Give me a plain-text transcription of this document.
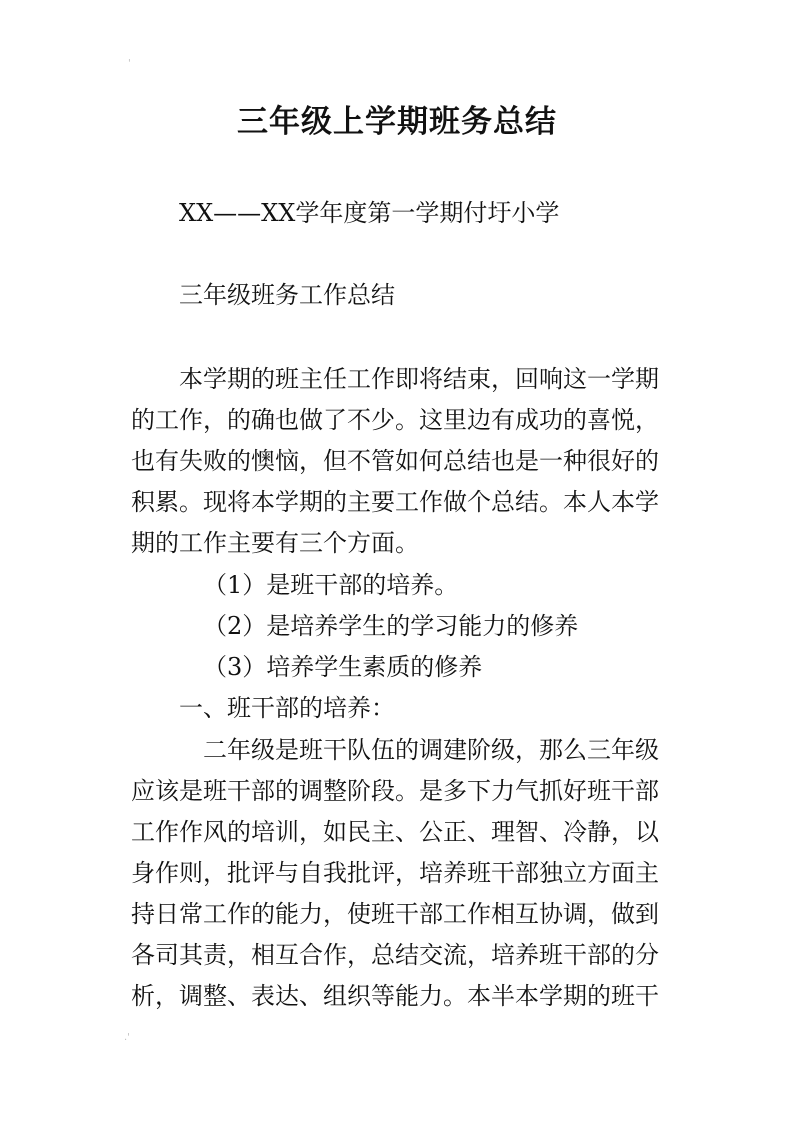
'
三年级上学期班务总结
XX——XX学年度第一学期付圩小学
三年级班务工作总结
本学期的班主任工作即将结束，回响这一学期
的工作，的确也做了不少。这里边有成功的喜悦，
也有失败的懊恼，但不管如何总结也是一种很好的
积累。现将本学期的主要工作做个总结。本人本学
期的工作主要有三个方面。
（1）是班干部的培养。
（2）是培养学生的学习能力的修养
（3）培养学生素质的修养
一、班干部的培养：
二年级是班干队伍的调建阶级，那么三年级
应该是班干部的调整阶段。是多下力气抓好班干部
工作作风的培训，如民主、公正、理智、冷静，以
身作则，批评与自我批评，培养班干部独立方面主
持日常工作的能力，使班干部工作相互协调，做到
各司其责，相互合作，总结交流，培养班干部的分
析，调整、表达、组织等能力。本半本学期的班干
.'
